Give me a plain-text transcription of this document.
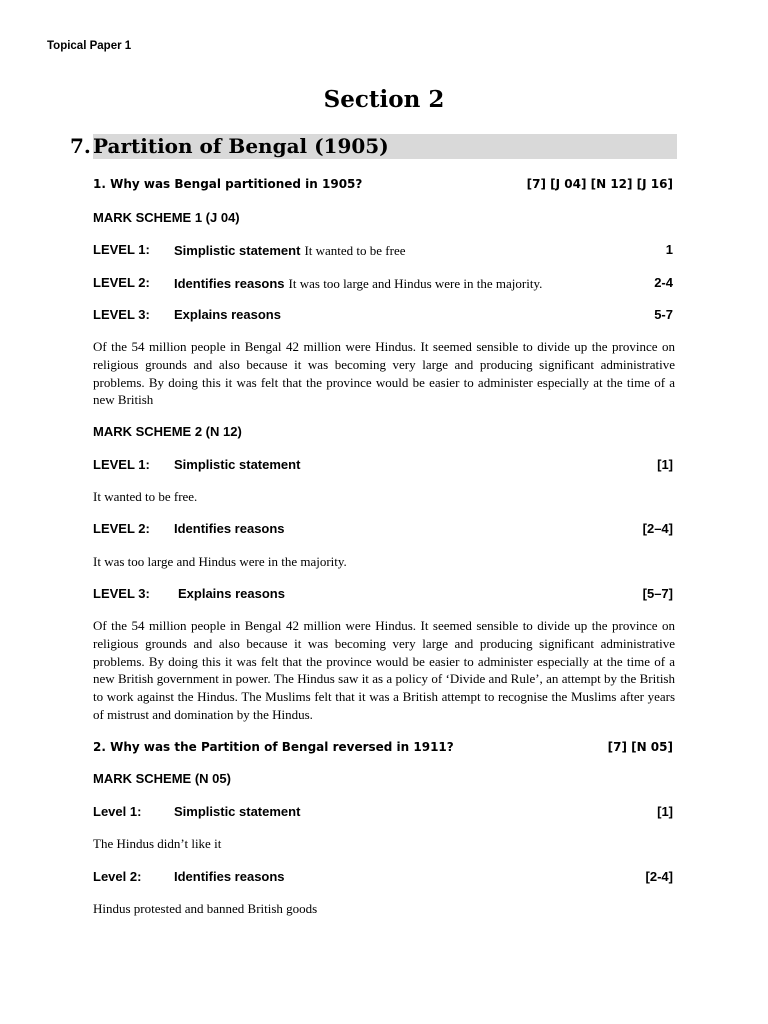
Topical Paper 1
Section 2
7. Partition of Bengal (1905)
1. Why was Bengal partitioned in 1905?	[7] [J 04] [N 12] [J 16]
MARK SCHEME 1 (J 04)
LEVEL 1: Simplistic statement It wanted to be free	1
LEVEL 2: Identifies reasons It was too large and Hindus were in the majority.	2-4
LEVEL 3: Explains reasons	5-7
Of the 54 million people in Bengal 42 million were Hindus. It seemed sensible to divide up the province on religious grounds and also because it was becoming very large and producing significant administrative problems. By doing this it was felt that the province would be easier to administer especially at the time of a new British
MARK SCHEME 2 (N 12)
LEVEL 1: Simplistic statement	[1]
It wanted to be free.
LEVEL 2: Identifies reasons	[2–4]
It was too large and Hindus were in the majority.
LEVEL 3: Explains reasons	[5–7]
Of the 54 million people in Bengal 42 million were Hindus. It seemed sensible to divide up the province on religious grounds and also because it was becoming very large and producing significant administrative problems. By doing this it was felt that the province would be easier to administer especially at the time of a new British government in power. The Hindus saw it as a policy of ‘Divide and Rule’, an attempt by the British to work against the Hindus. The Muslims felt that it was a British attempt to recognise the Muslims after years of mistrust and domination by the Hindus.
2. Why was the Partition of Bengal reversed in 1911?	[7] [N 05]
MARK SCHEME (N 05)
Level 1:	Simplistic statement	[1]
The Hindus didn’t like it
Level 2:	Identifies reasons	[2-4]
Hindus protested and banned British goods
